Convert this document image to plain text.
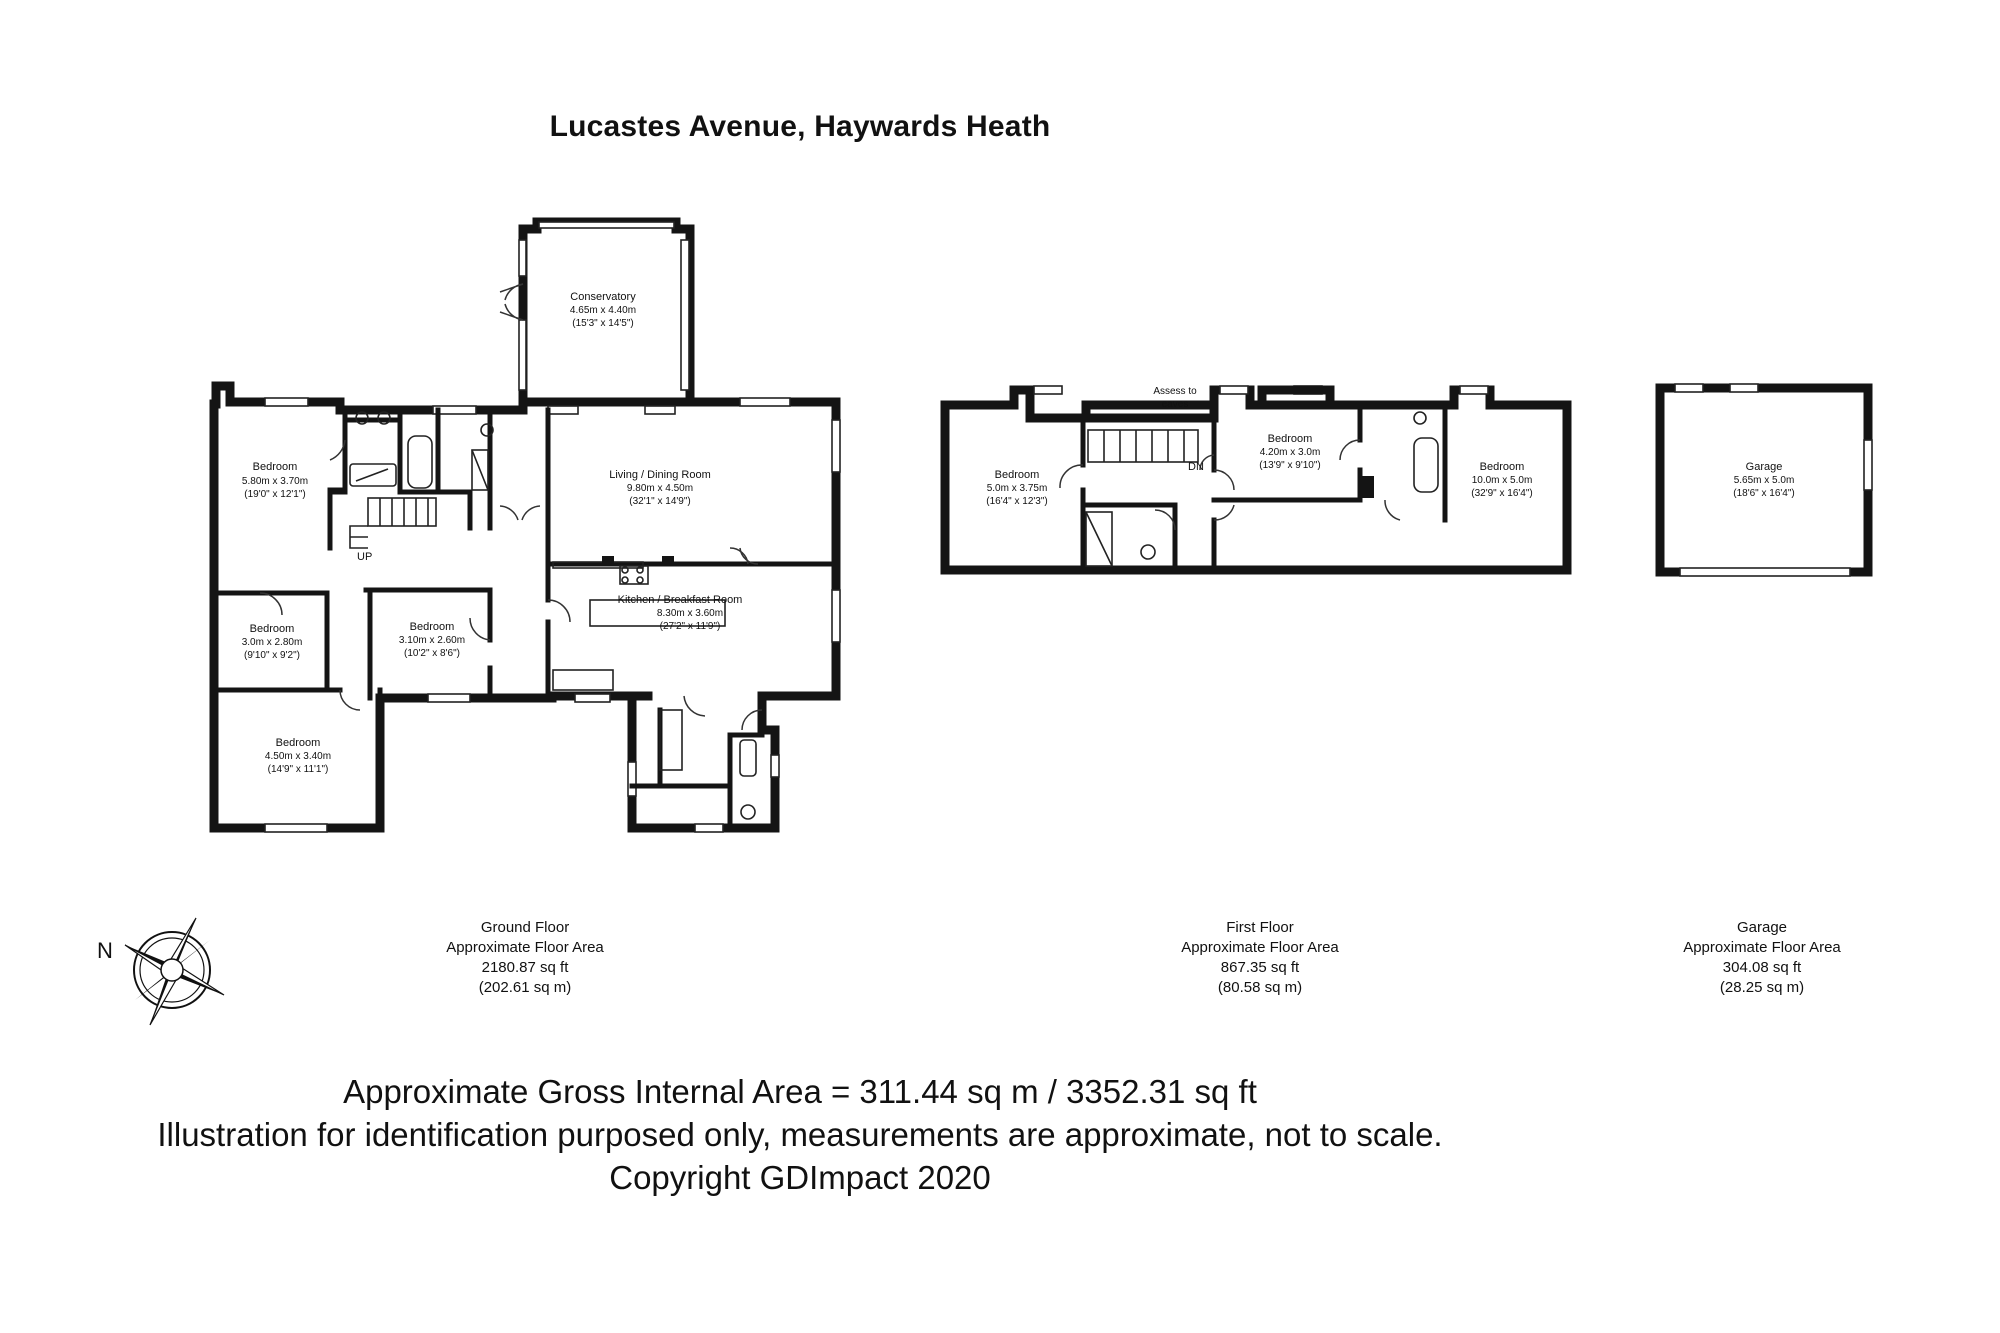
Lucastes Avenue, Haywards Heath
Conservatory
4.65m x 4.40m
(15'3" x 14'5")
Bedroom
5.80m x 3.70m
(19'0" x 12'1")
Living / Dining Room
9.80m x 4.50m
(32'1" x 14'9")
Kitchen / Breakfast Room
8.30m x 3.60m
(27'2" x 11'9")
Bedroom
3.0m x 2.80m
(9'10" x 9'2")
Bedroom
3.10m x 2.60m
(10'2" x 8'6")
Bedroom
4.50m x 3.40m
(14'9" x 11'1")
UP
Bedroom
5.0m x 3.75m
(16'4" x 12'3")
Bedroom
4.20m x 3.0m
(13'9" x 9'10")	Bedroom
10.0m x 5.0m
(32'9" x 16'4")
Assess to
eaves
DN	Garage
5.65m x 5.0m
(18'6" x 16'4")
N
Ground Floor
Approximate Floor Area
2180.87 sq ft
(202.61 sq m)
First Floor
Approximate Floor Area
867.35 sq ft
(80.58 sq m)
Garage
Approximate Floor Area
304.08 sq ft
(28.25 sq m)
Approximate Gross Internal Area = 311.44 sq m / 3352.31 sq ft
Illustration for identification purposed only, measurements are approximate, not to scale.
Copyright GDImpact 2020
